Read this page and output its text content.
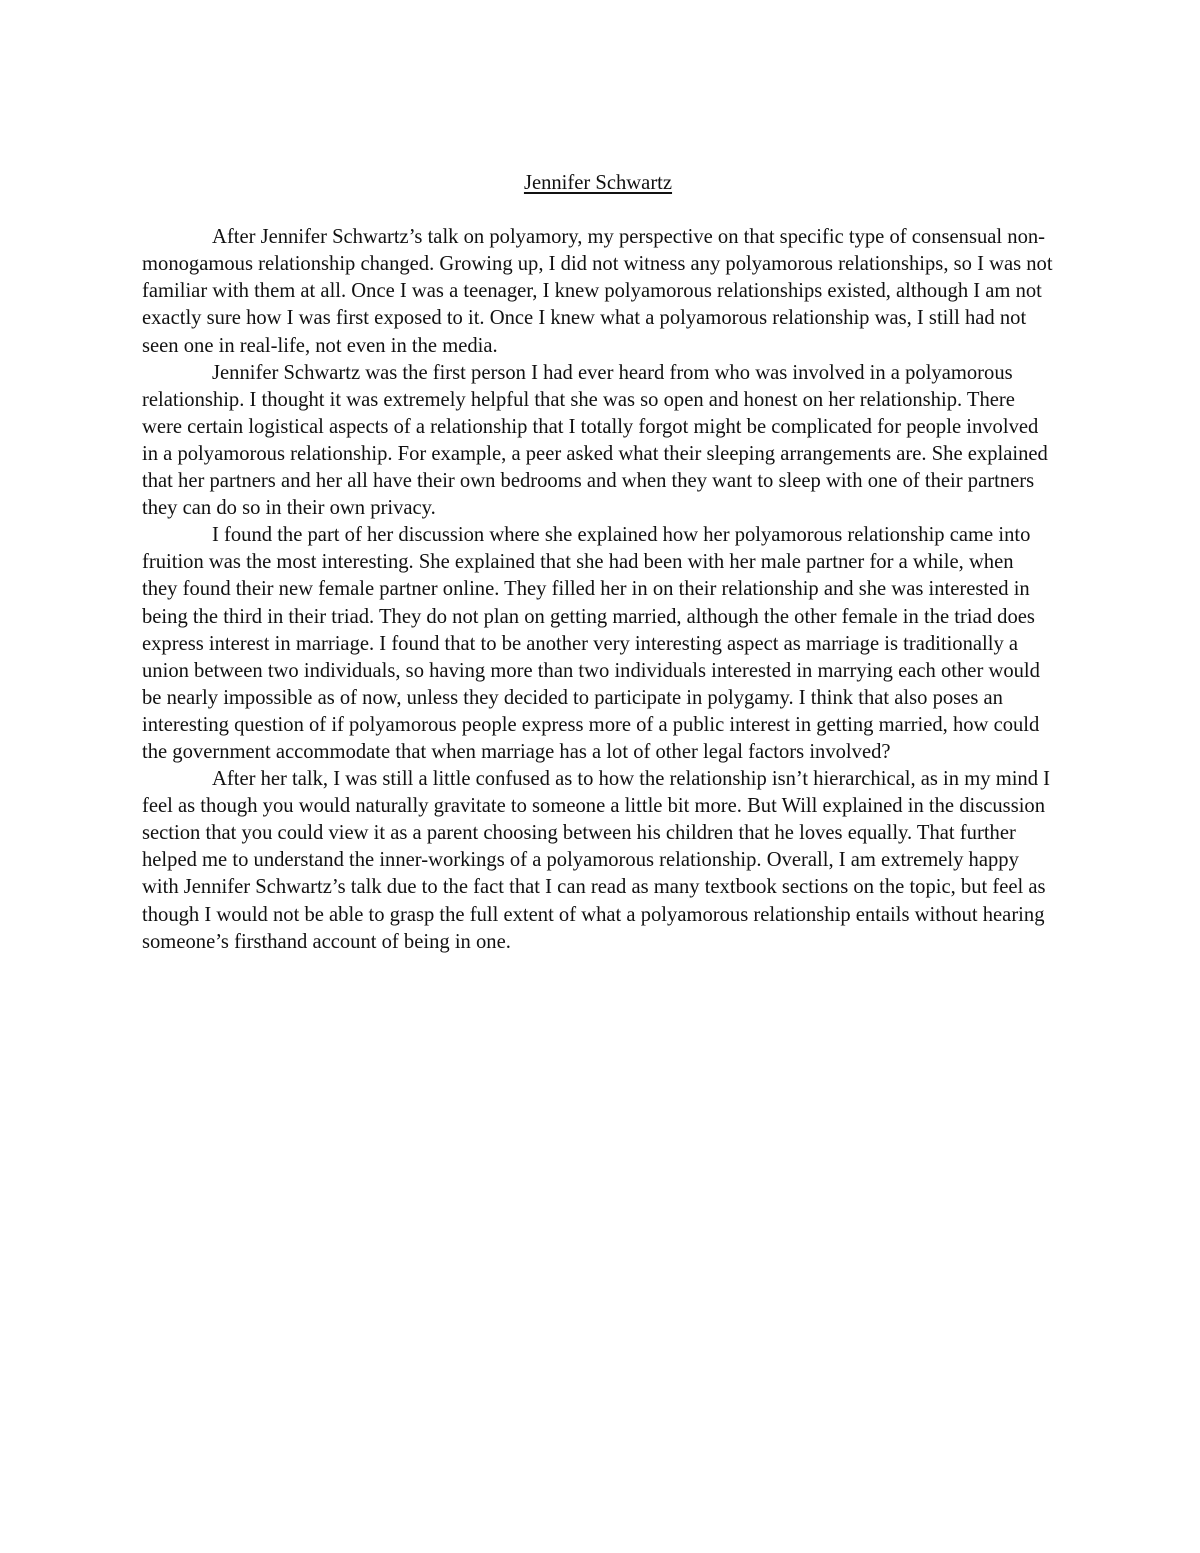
Jennifer Schwartz

After Jennifer Schwartz’s talk on polyamory, my perspective on that specific type of consensual non-monogamous relationship changed. Growing up, I did not witness any polyamorous relationships, so I was not familiar with them at all. Once I was a teenager, I knew polyamorous relationships existed, although I am not exactly sure how I was first exposed to it. Once I knew what a polyamorous relationship was, I still had not seen one in real-life, not even in the media.

Jennifer Schwartz was the first person I had ever heard from who was involved in a polyamorous relationship. I thought it was extremely helpful that she was so open and honest on her relationship. There were certain logistical aspects of a relationship that I totally forgot might be complicated for people involved in a polyamorous relationship. For example, a peer asked what their sleeping arrangements are. She explained that her partners and her all have their own bedrooms and when they want to sleep with one of their partners they can do so in their own privacy.

I found the part of her discussion where she explained how her polyamorous relationship came into fruition was the most interesting. She explained that she had been with her male partner for a while, when they found their new female partner online. They filled her in on their relationship and she was interested in being the third in their triad. They do not plan on getting married, although the other female in the triad does express interest in marriage. I found that to be another very interesting aspect as marriage is traditionally a union between two individuals, so having more than two individuals interested in marrying each other would be nearly impossible as of now, unless they decided to participate in polygamy. I think that also poses an interesting question of if polyamorous people express more of a public interest in getting married, how could the government accommodate that when marriage has a lot of other legal factors involved?

After her talk, I was still a little confused as to how the relationship isn’t hierarchical, as in my mind I feel as though you would naturally gravitate to someone a little bit more. But Will explained in the discussion section that you could view it as a parent choosing between his children that he loves equally. That further helped me to understand the inner-workings of a polyamorous relationship. Overall, I am extremely happy with Jennifer Schwartz’s talk due to the fact that I can read as many textbook sections on the topic, but feel as though I would not be able to grasp the full extent of what a polyamorous relationship entails without hearing someone’s firsthand account of being in one.
